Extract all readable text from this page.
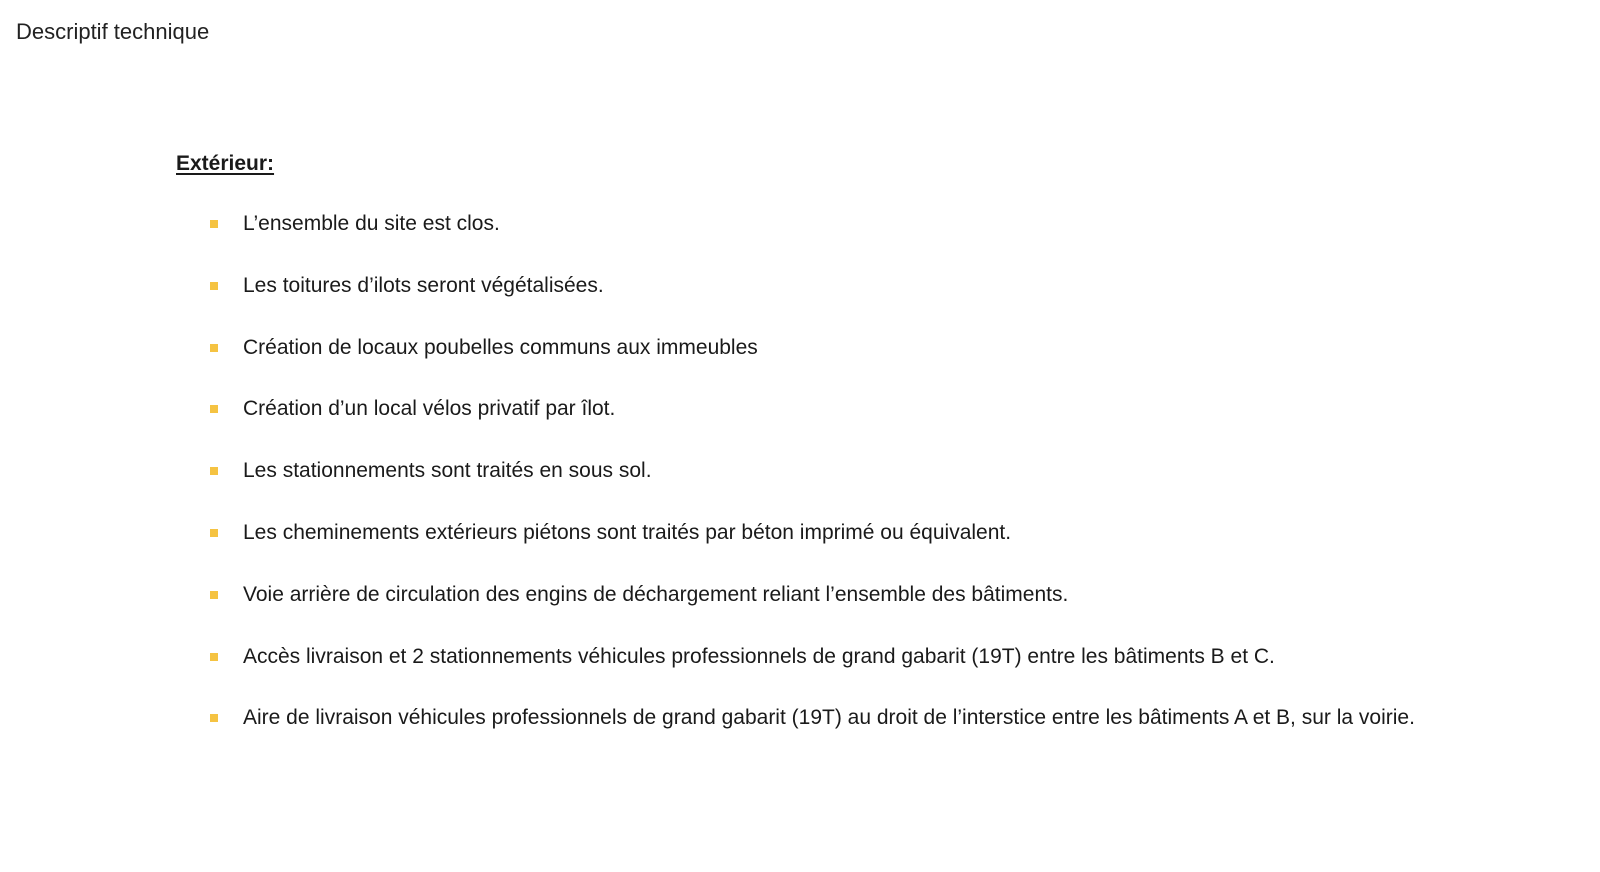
Descriptif technique
Extérieur:
L’ensemble du site est clos.
Les toitures d’ilots seront végétalisées.
Création de locaux poubelles communs aux immeubles
Création d’un local vélos privatif par îlot.
Les stationnements sont traités en sous sol.
Les cheminements extérieurs piétons sont traités par béton imprimé ou équivalent.
Voie arrière de circulation des engins de déchargement reliant l’ensemble des bâtiments.
Accès livraison et 2 stationnements véhicules professionnels de grand gabarit (19T) entre les bâtiments B et C.
Aire de livraison véhicules professionnels de grand gabarit (19T) au droit de l’interstice entre les bâtiments A et B, sur la voirie.
